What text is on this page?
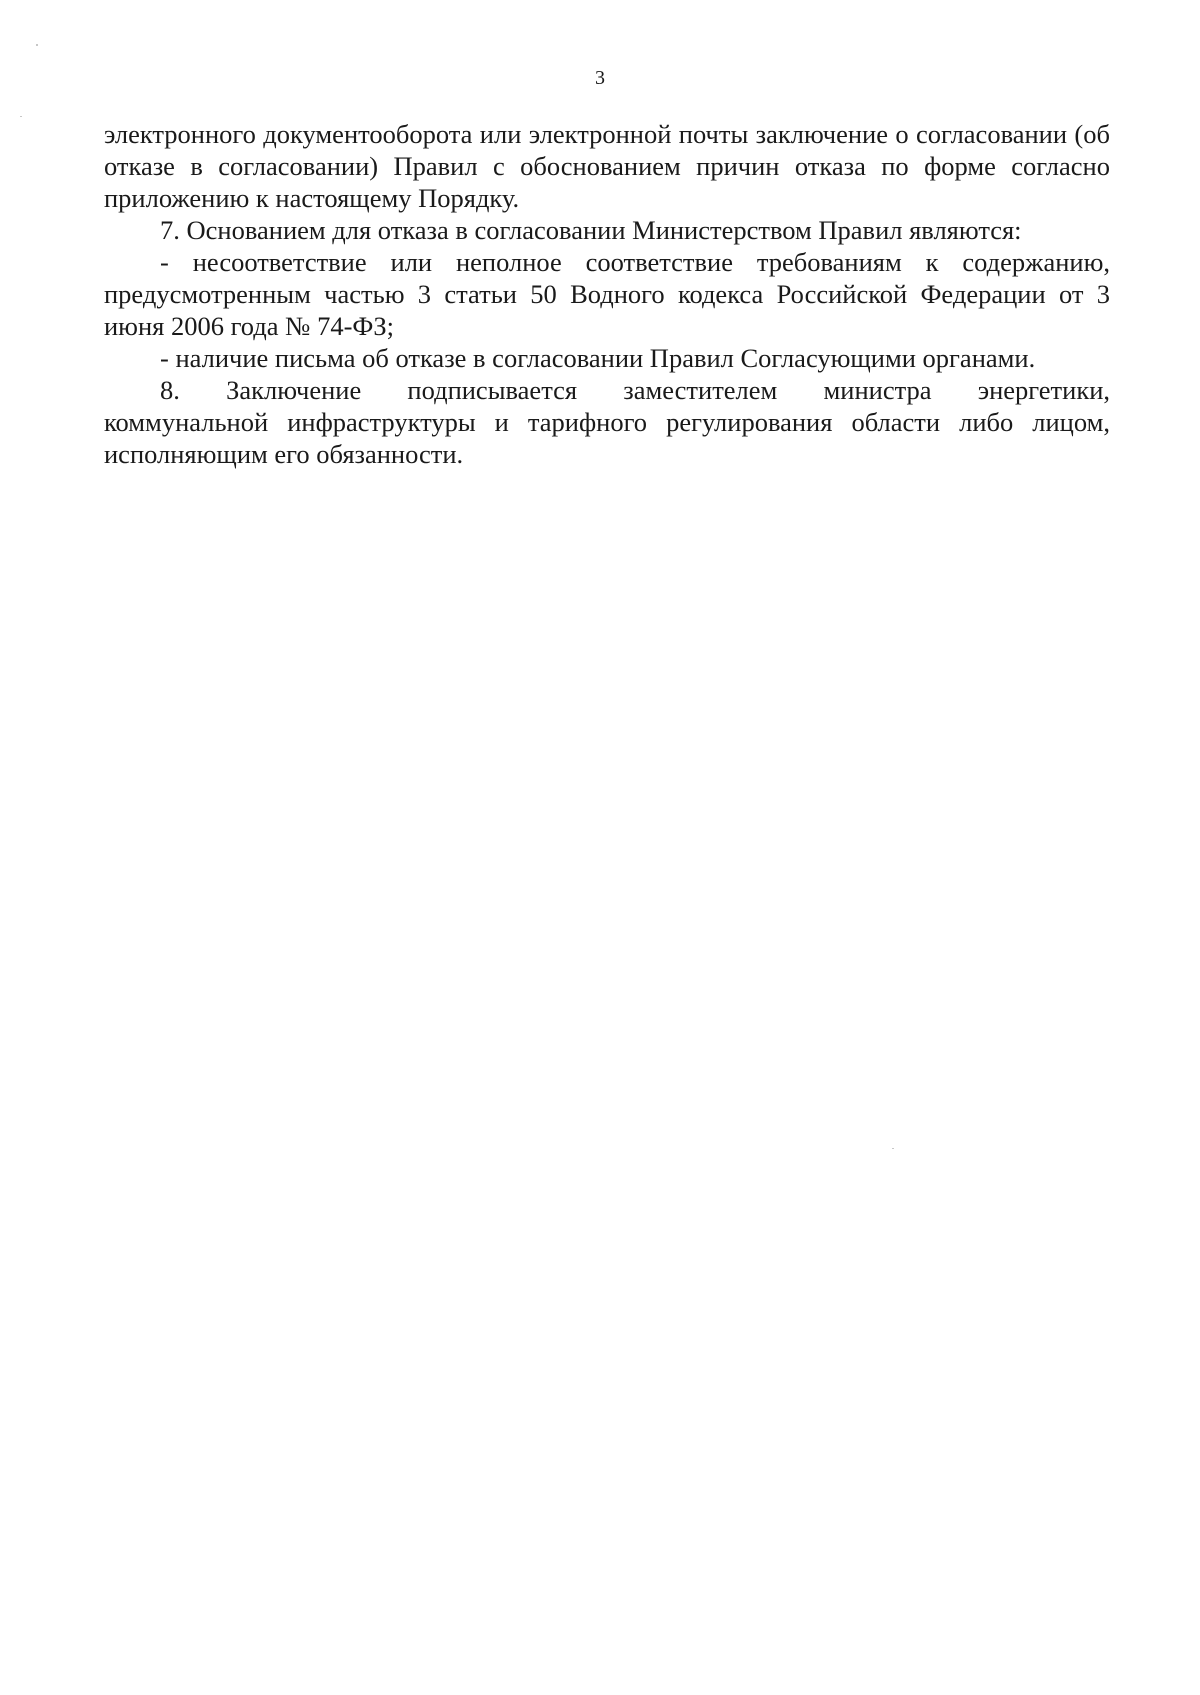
3

электронного документооборота или электронной почты заключение о согласовании (об отказе в согласовании) Правил с обоснованием причин отказа по форме согласно приложению к настоящему Порядку.

7. Основанием для отказа в согласовании Министерством Правил являются:

- несоответствие или неполное соответствие требованиям к содержанию, предусмотренным частью 3 статьи 50 Водного кодекса Российской Федерации от 3 июня 2006 года № 74-ФЗ;

- наличие письма об отказе в согласовании Правил Согласующими органами.

8. Заключение подписывается заместителем министра энергетики,

коммунальной инфраструктуры и тарифного регулирования области либо лицом, исполняющим его обязанности.
